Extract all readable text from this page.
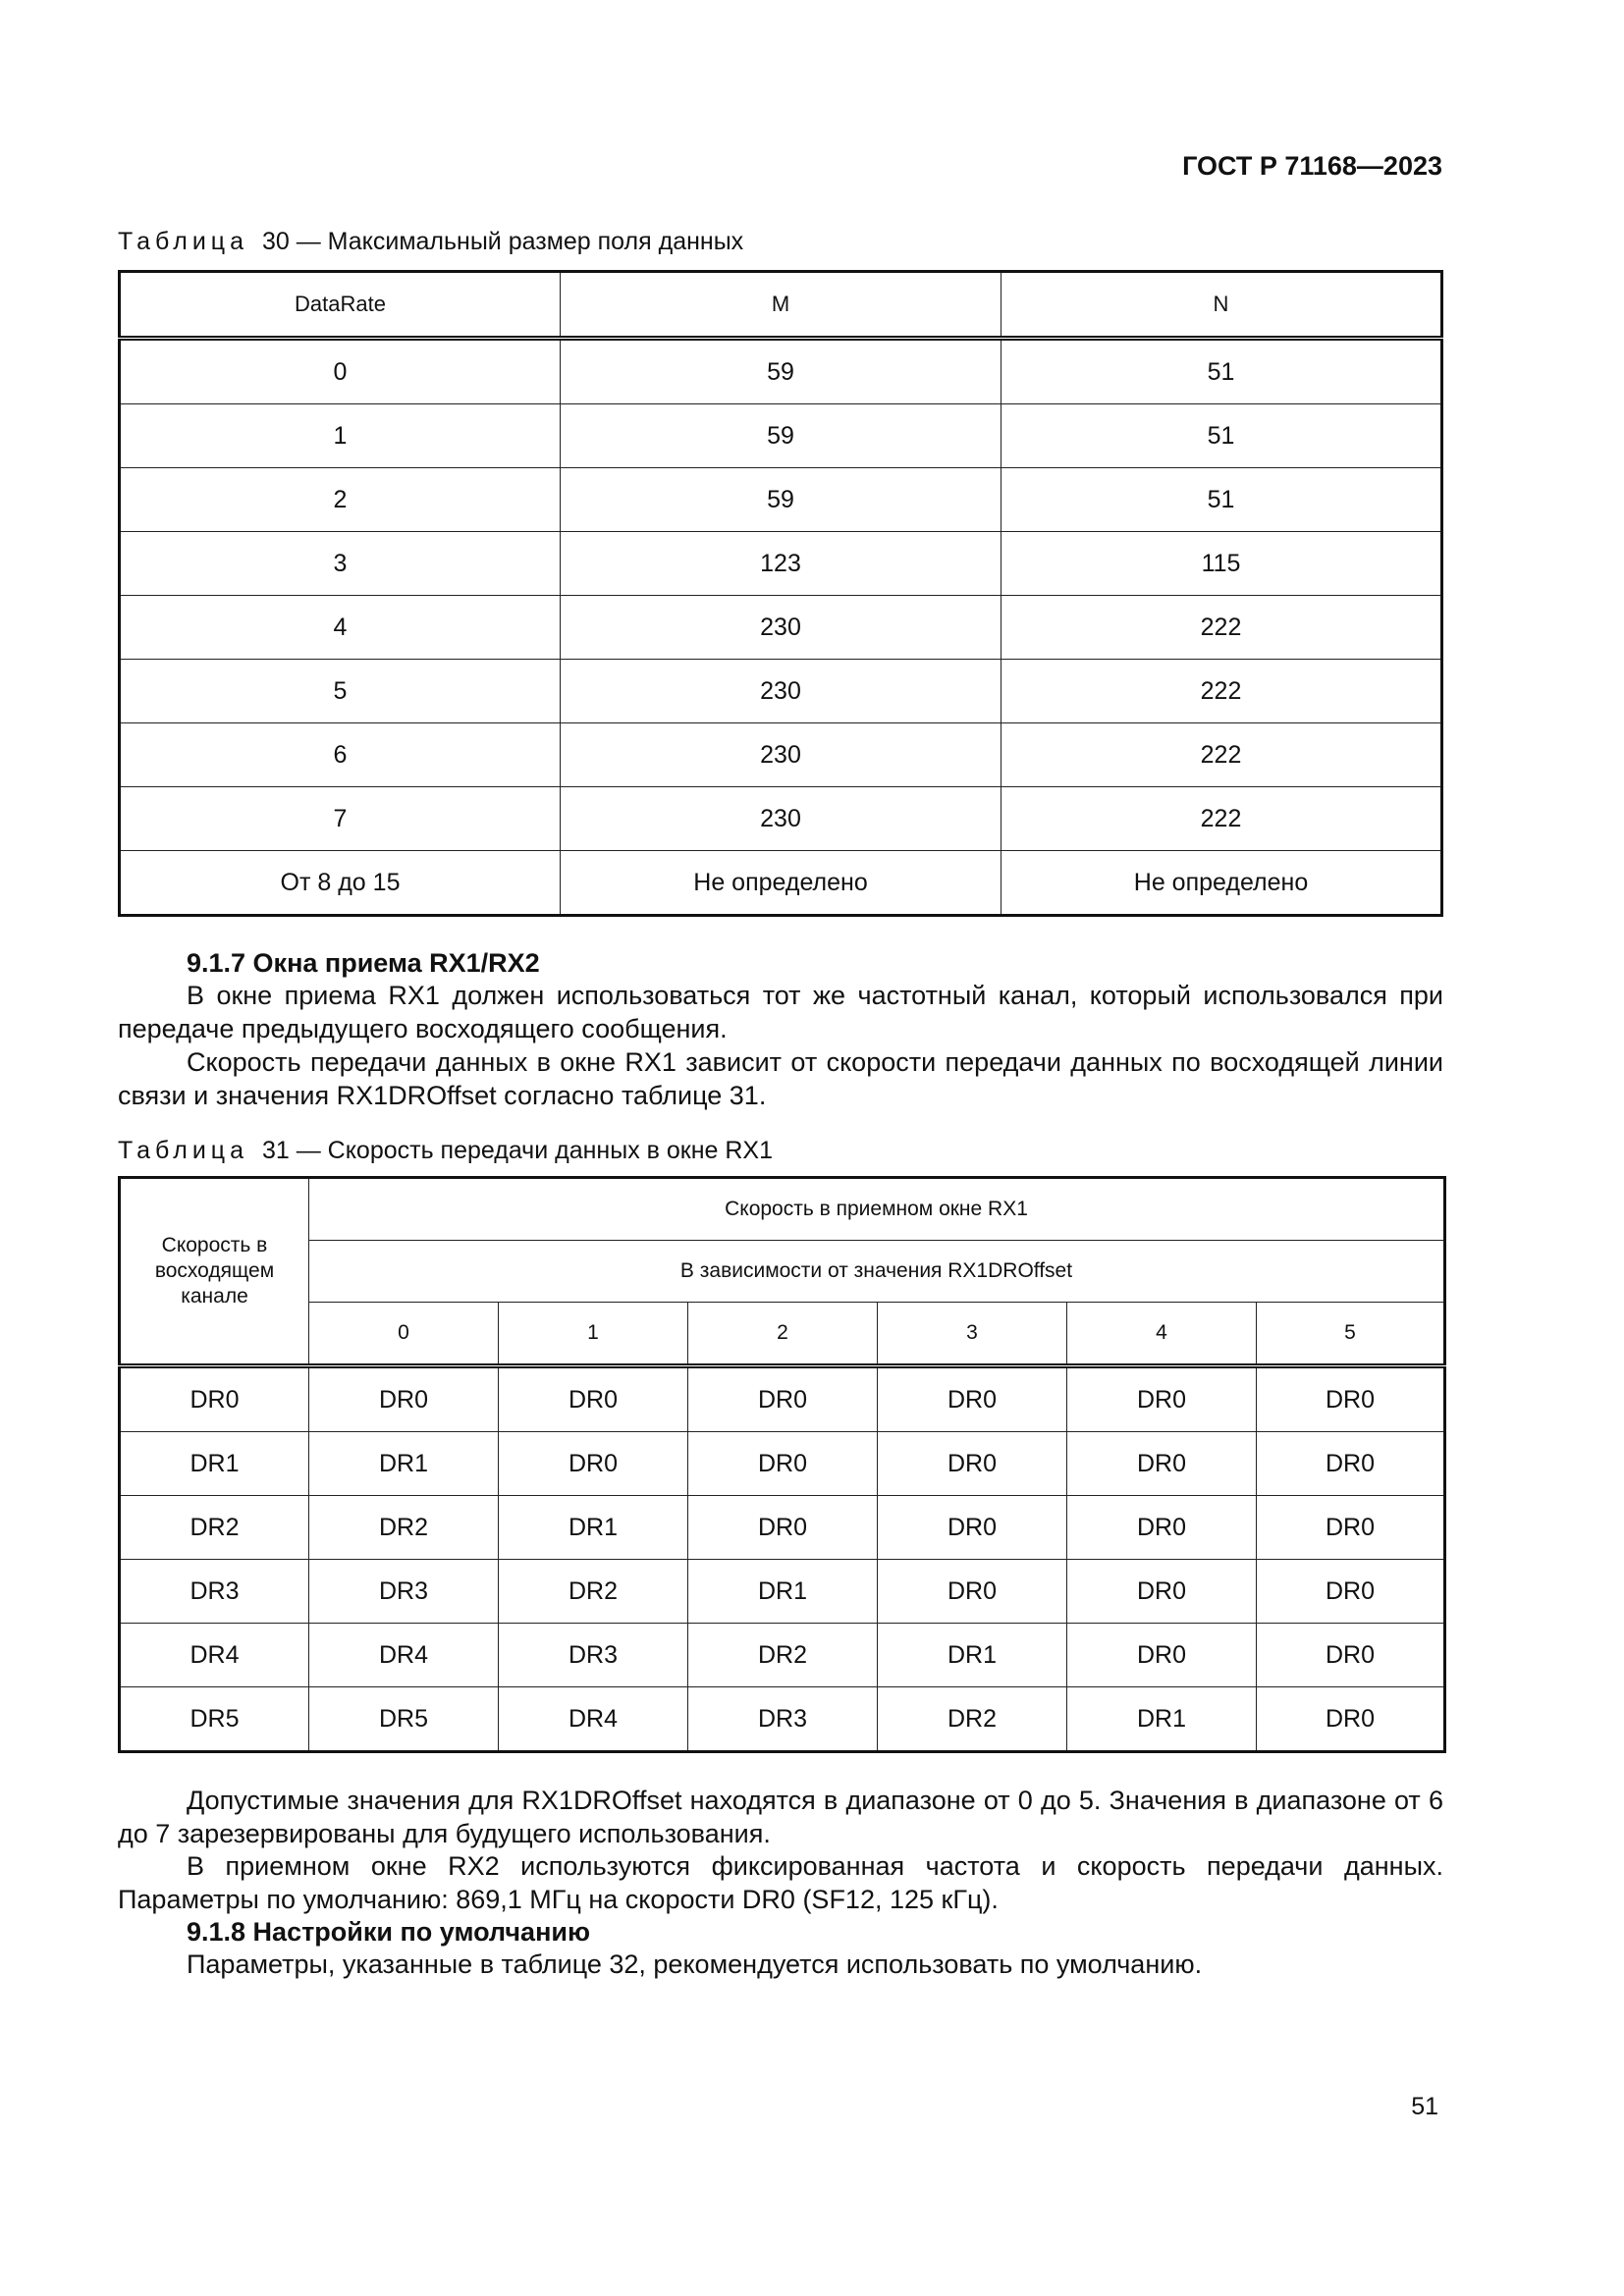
ГОСТ Р 71168—2023
Таблица 30 — Максимальный размер поля данных
DataRate	M	N
0	59	51
1	59	51
2	59	51
3	123	115
4	230	222
5	230	222
6	230	222
7	230	222
От 8 до 15	Не определено	Не определено
9.1.7 Окна приема RX1/RX2

В окне приема RX1 должен использоваться тот же частотный канал, который использовался при передаче предыдущего восходящего сообщения.

Скорость передачи данных в окне RX1 зависит от скорости передачи данных по восходящей линии связи и значения RX1DROffset согласно таблице 31.

Таблица 31 — Скорость передачи данных в окне RX1
Скорость в восходящем канале	Скорость в приемном окне RX1					
	В зависимости от значения RX1DROffset					
	0	1	2	3	4	5
DR0	DR0	DR0	DR0	DR0	DR0	DR0
DR1	DR1	DR0	DR0	DR0	DR0	DR0
DR2	DR2	DR1	DR0	DR0	DR0	DR0
DR3	DR3	DR2	DR1	DR0	DR0	DR0
DR4	DR4	DR3	DR2	DR1	DR0	DR0
DR5	DR5	DR4	DR3	DR2	DR1	DR0

Допустимые значения для RX1DROffset находятся в диапазоне от 0 до 5. Значения в диапазоне от 6 до 7 зарезервированы для будущего использования.

В приемном окне RX2 используются фиксированная частота и скорость передачи данных. Параметры по умолчанию: 869,1 МГц на скорости DR0 (SF12, 125 кГц).

9.1.8 Настройки по умолчанию

Параметры, указанные в таблице 32, рекомендуется использовать по умолчанию.

51
